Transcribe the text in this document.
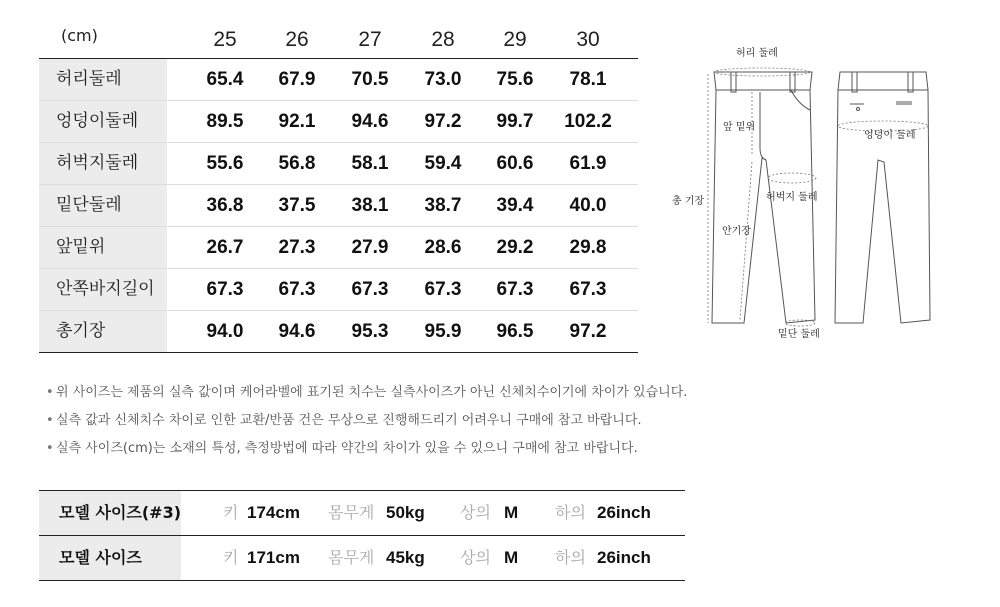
(cm)	25	26	27	28	29	30
허리둘레	65.4	67.9	70.5	73.0	75.6	78.1
엉덩이둘레	89.5	92.1	94.6	97.2	99.7	102.2
허벅지둘레	55.6	56.8	58.1	59.4	60.6	61.9
밑단둘레	36.8	37.5	38.1	38.7	39.4	40.0
앞밑위	26.7	27.3	27.9	28.6	29.2	29.8
안쪽바지길이	67.3	67.3	67.3	67.3	67.3	67.3
총기장	94.0	94.6	95.3	95.9	96.5	97.2
허리 둘레
앞 밑위
총 기장	허벅지 둘레
안기장
밑단 둘레
엉덩이 둘레
• 위 사이즈는 제품의 실측 값이며 케어라벨에 표기된 치수는 실측사이즈가 아닌 신체치수이기에 차이가 있습니다.
• 실측 값과 신체치수 차이로 인한 교환/반품 건은 무상으로 진행해드리기 어려우니 구매에 참고 바랍니다.
• 실측 사이즈(cm)는 소재의 특성, 측정방법에 따라 약간의 차이가 있을 수 있으니 구매에 참고 바랍니다.
모델 사이즈(#3)	키 174cm 몸무게 50kg 상의 M 하의 26inch
모델 사이즈	키 171cm 몸무게 45kg 상의 M 하의 26inch
